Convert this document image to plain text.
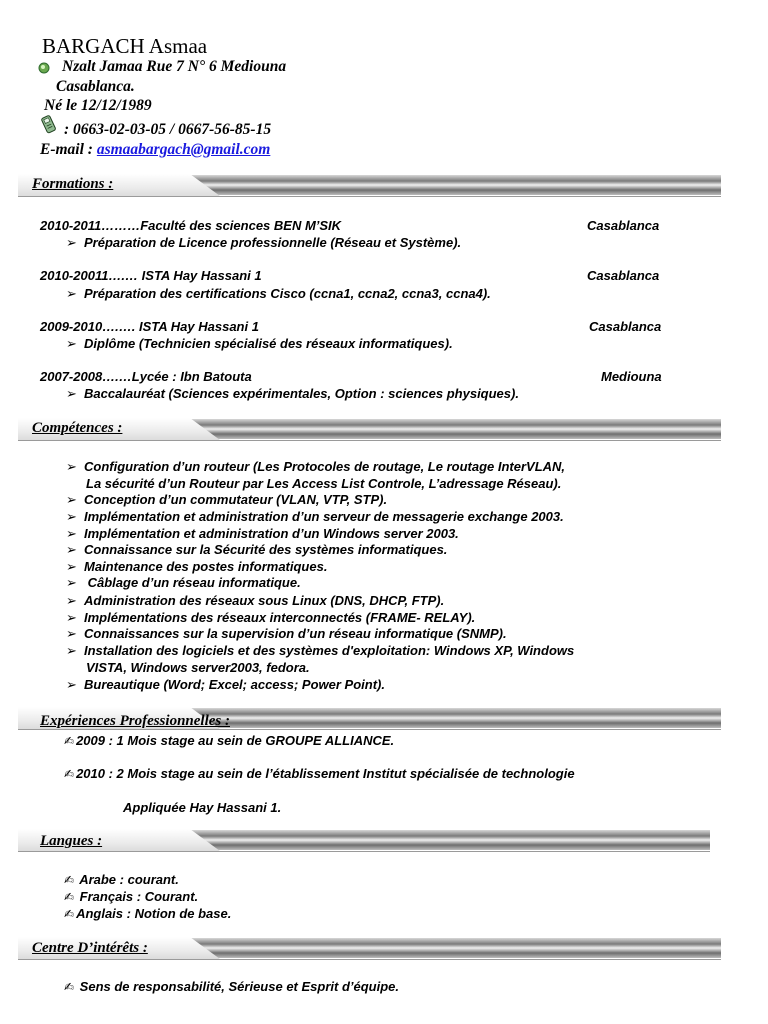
BARGACH Asmaa
Nzalt Jamaa Rue 7 N° 6 Mediouna
Casablanca.
Né le 12/12/1989
: 0663-02-03-05 / 0667-56-85-15
E-mail : asmaabargach@gmail.com
Formations :
2010-2011………Faculté des sciences BEN M’SIK	Casablanca
➢ Préparation de Licence professionnelle (Réseau et Système).
2010-20011….… ISTA Hay Hassani 1	Casablanca
➢ Préparation des certifications Cisco (ccna1, ccna2, ccna3, ccna4).
2009-2010….…. ISTA Hay Hassani 1	Casablanca
➢ Diplôme (Technicien spécialisé des réseaux informatiques).
2007-2008….…Lycée : Ibn Batouta	Mediouna
➢ Baccalauréat (Sciences expérimentales, Option : sciences physiques).
Compétences :
➢ Configuration d’un routeur (Les Protocoles de routage, Le routage InterVLAN,
La sécurité d’un Routeur par Les Access List Controle, L’adressage Réseau).
➢ Conception d’un commutateur (VLAN, VTP, STP).
➢ Implémentation et administration d’un serveur de messagerie exchange 2003.
➢ Implémentation et administration d’un Windows server 2003.
➢ Connaissance sur la Sécurité des systèmes informatiques.
➢ Maintenance des postes informatiques.
➢ Câblage d’un réseau informatique.
➢ Administration des réseaux sous Linux (DNS, DHCP, FTP).
➢ Implémentations des réseaux interconnectés (FRAME- RELAY).
➢ Connaissances sur la supervision d’un réseau informatique (SNMP).
➢ Installation des logiciels et des systèmes d'exploitation: Windows XP, Windows
VISTA, Windows server2003, fedora.
➢ Bureautique (Word; Excel; access; Power Point).
Expériences Professionnelles :
✍ 2009 : 1 Mois stage au sein de GROUPE ALLIANCE.
✍ 2010 : 2 Mois stage au sein de l’établissement Institut spécialisée de technologie
Appliquée Hay Hassani 1.
Langues :
✍ Arabe : courant.
✍ Français : Courant.
✍ Anglais : Notion de base.
Centre D’intérêts :
✍ Sens de responsabilité, Sérieuse et Esprit d’équipe.
